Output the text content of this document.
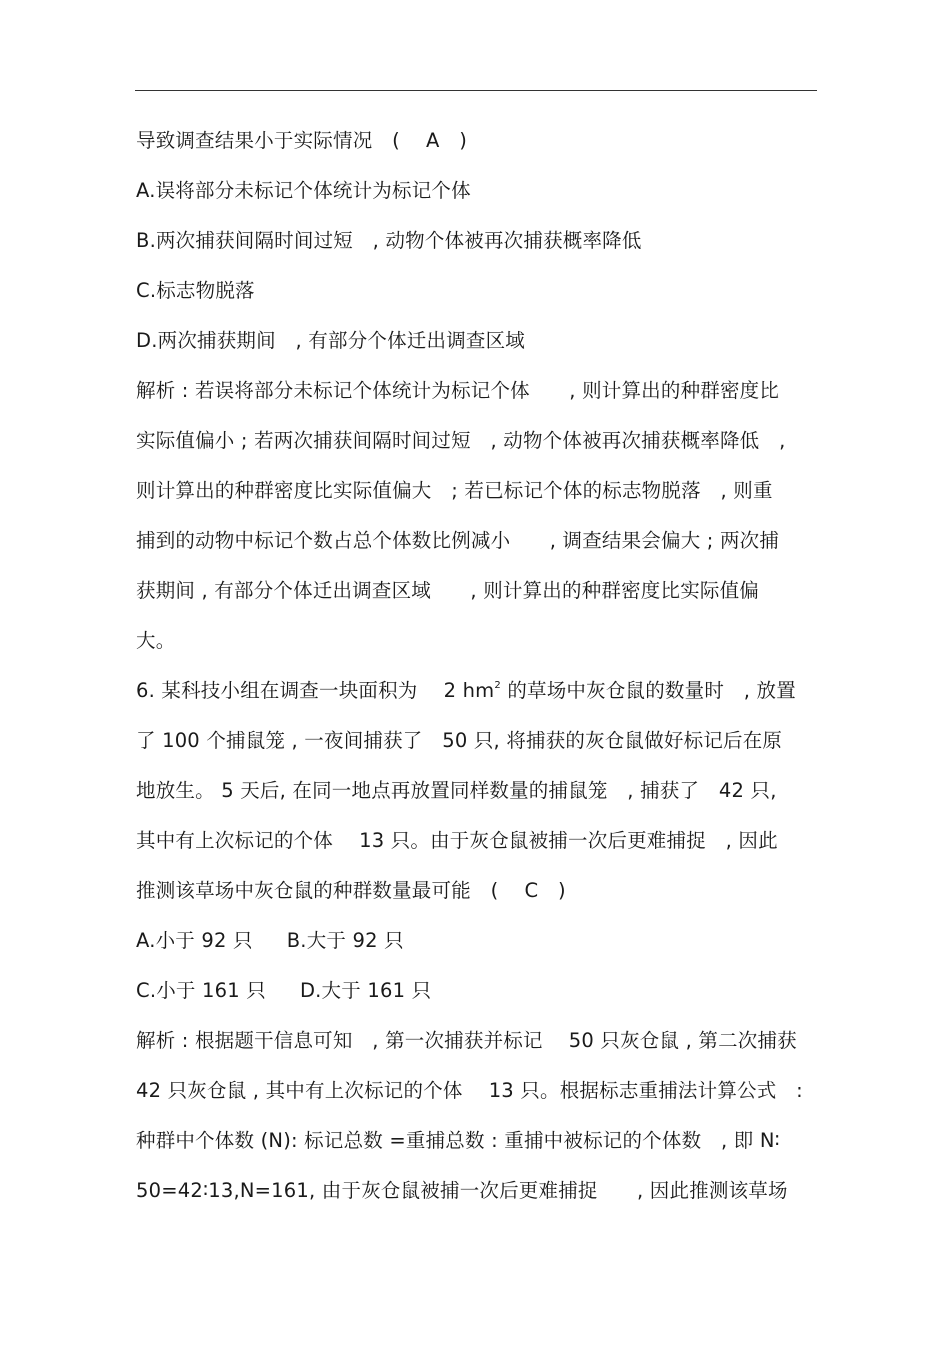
导致调查结果小于实际情况　(　 A　)
A.误将部分未标记个体统计为标记个体
B.两次捕获间隔时间过短　, 动物个体被再次捕获概率降低
C.标志物脱落
D.两次捕获期间　, 有部分个体迁出调查区域
解析 : 若误将部分未标记个体统计为标记个体　　, 则计算出的种群密度比
实际值偏小 ; 若两次捕获间隔时间过短　, 动物个体被再次捕获概率降低　,
则计算出的种群密度比实际值偏大　; 若已标记个体的标志物脱落　, 则重
捕到的动物中标记个数占总个体数比例减小　　, 调查结果会偏大 ; 两次捕
获期间 , 有部分个体迁出调查区域　　, 则计算出的种群密度比实际值偏
大。
6. 某科技小组在调查一块面积为　 2 $hm^2$ 的草场中灰仓鼠的数量时　, 放置
了 100 个捕鼠笼 , 一夜间捕获了　50 只, 将捕获的灰仓鼠做好标记后在原
地放生。 5 天后, 在同一地点再放置同样数量的捕鼠笼　, 捕获了　42 只,
其中有上次标记的个体　 13 只。由于灰仓鼠被捕一次后更难捕捉　, 因此
推测该草场中灰仓鼠的种群数量最可能　(　 C　)
A.小于 92 只 B.大于 92 只
C.小于 161 只 D.大于 161 只
解析 : 根据题干信息可知　, 第一次捕获并标记　 50 只灰仓鼠 , 第二次捕获
42 只灰仓鼠 , 其中有上次标记的个体　 13 只。根据标志重捕法计算公式　:
种群中个体数 (N): 标记总数 =重捕总数 : 重捕中被标记的个体数　, 即 N∶
50=42∶13,N=161, 由于灰仓鼠被捕一次后更难捕捉　　, 因此推测该草场
